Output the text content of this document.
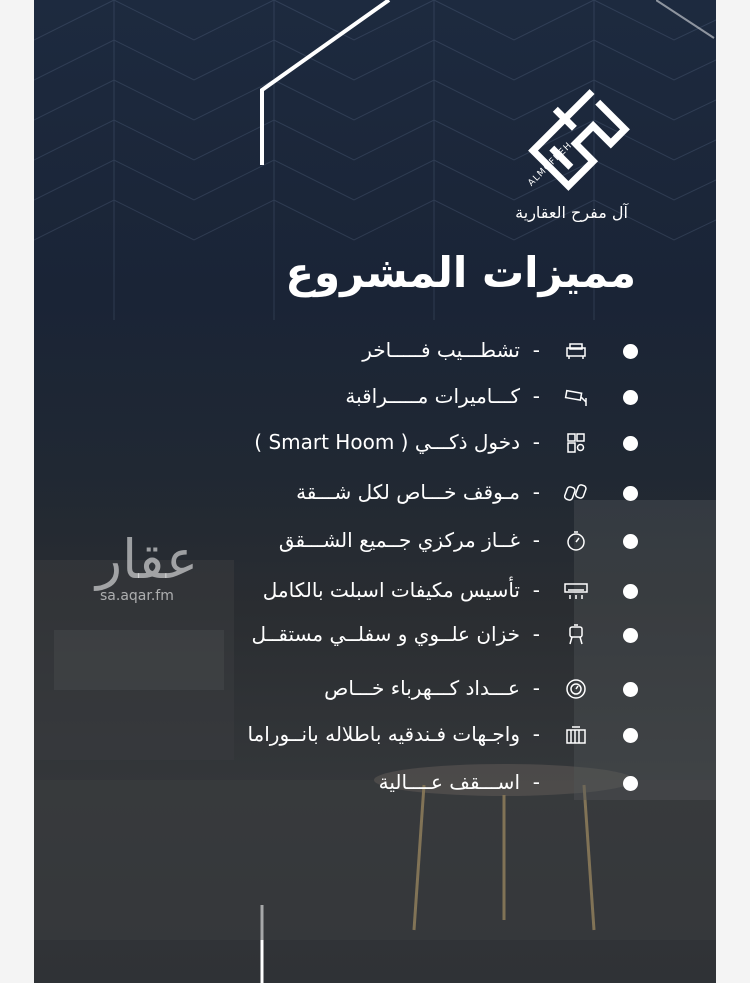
ALMOFREH
آل مفرح العقارية
مميزات المشروع
عقار
sa.aqar.fm
-
تشطـــيب فـــــاخر
-
كـــاميرات مـــــراقبة
-
دخول ذكـــي ( Smart Hoom )
-
مـوقف خـــاص لكل شـــقة
-
غــاز مركزي جــميع الشـــقق
-
تأسيس مكيفات اسبلت بالكامل
-
خزان علــوي و سفلــي مستقــل
-
عـــداد كـــهرباء خـــاص
-
واجـهات فـندقيه باطلاله بانــوراما
-
اســـقف عــــالية
